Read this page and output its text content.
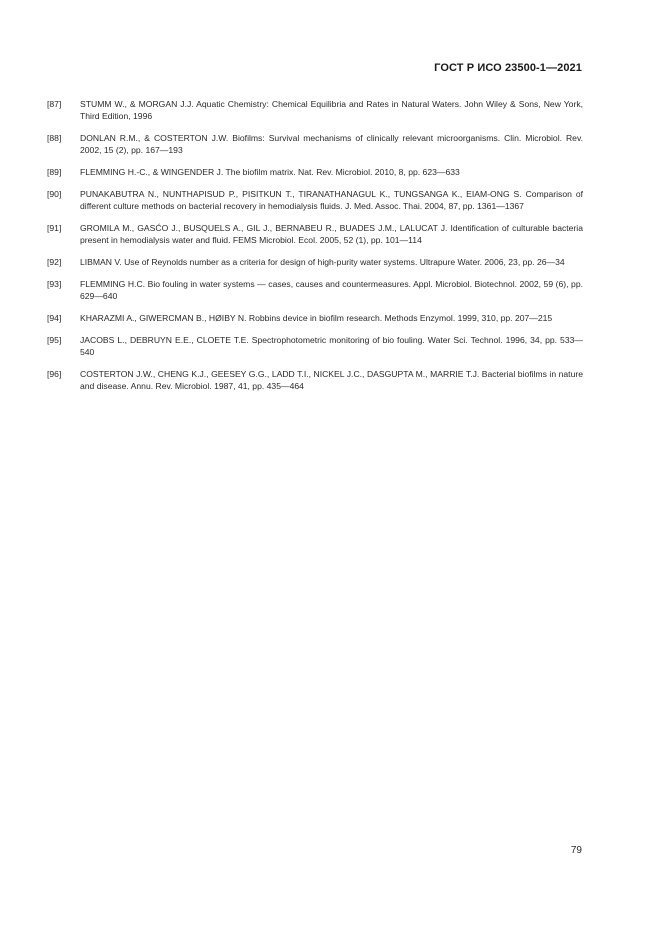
ГОСТ Р ИСО 23500-1—2021
[87]	STUMM W., & MORGAN J.J. Aquatic Chemistry: Chemical Equilibria and Rates in Natural Waters. John Wiley & Sons, New York, Third Edition, 1996
[88]	DONLAN R.M., & COSTERTON J.W. Biofilms: Survival mechanisms of clinically relevant microorganisms. Clin. Microbiol. Rev. 2002, 15 (2), pp. 167—193
[89]	FLEMMING H.-C., & WINGENDER J. The biofilm matrix. Nat. Rev. Microbiol. 2010, 8, pp. 623—633
[90]	PUNAKABUTRA N., NUNTHAPISUD P., PISITKUN T., TIRANATHANAGUL K., TUNGSANGA K., EIAM-ONG S. Comparison of different culture methods on bacterial recovery in hemodialysis fluids. J. Med. Assoc. Thai. 2004, 87, pp. 1361—1367
[91]	GROMILA M., GASĆO J., BUSQUELS A., GIL J., BERNABEU R., BUADES J.M., LALUCAT J. Identification of culturable bacteria present in hemodialysis water and fluid. FEMS Microbiol. Ecol. 2005, 52 (1), pp. 101—114
[92]	LIBMAN V. Use of Reynolds number as a criteria for design of high-purity water systems. Ultrapure Water. 2006, 23, pp. 26—34
[93]	FLEMMING H.C. Bio fouling in water systems — cases, causes and countermeasures. Appl. Microbiol. Biotechnol. 2002, 59 (6), pp. 629—640
[94]	KHARAZMI A., GIWERCMAN B., HØIBY N. Robbins device in biofilm research. Methods Enzymol. 1999, 310, pp. 207—215
[95]	JACOBS L., DEBRUYN E.E., CLOETE T.E. Spectrophotometric monitoring of bio fouling. Water Sci. Technol. 1996, 34, pp. 533—540
[96]	COSTERTON J.W., CHENG K.J., GEESEY G.G., LADD T.I., NICKEL J.C., DASGUPTA M., MARRIE T.J. Bacterial biofilms in nature and disease. Annu. Rev. Microbiol. 1987, 41, pp. 435—464
79
